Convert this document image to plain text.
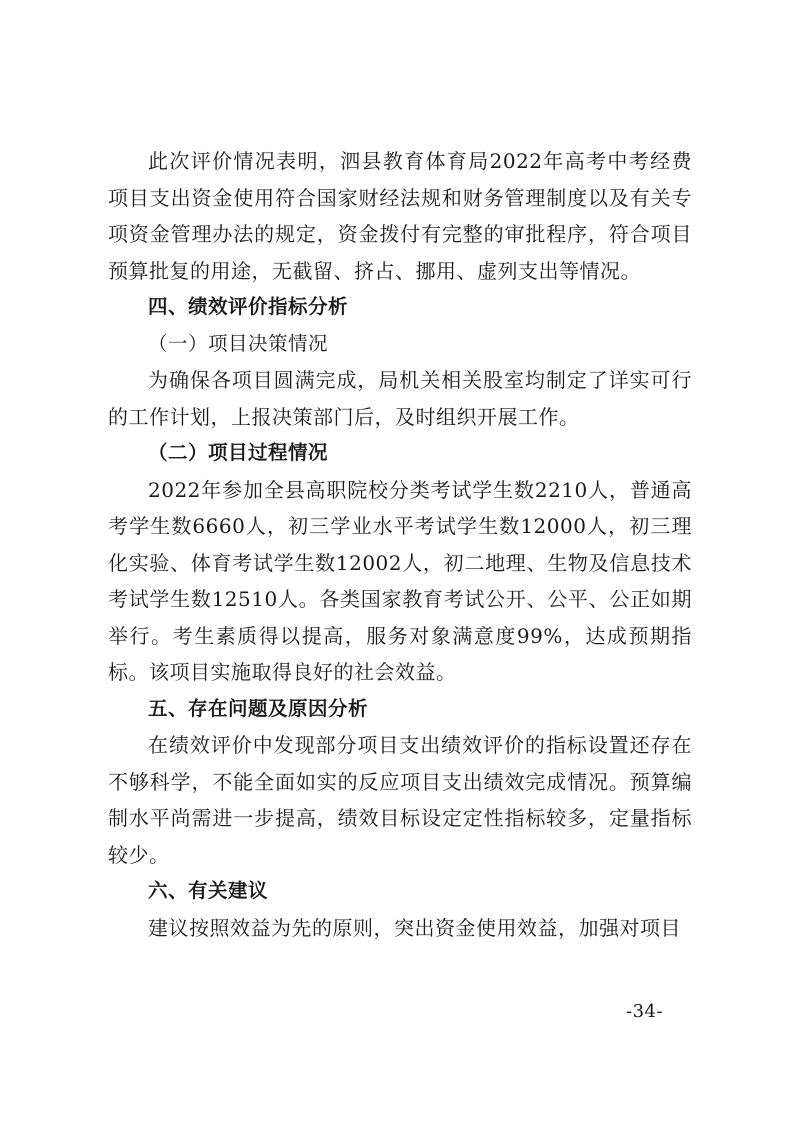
此次评价情况表明，泗县教育体育局2022年高考中考经费项目支出资金使用符合国家财经法规和财务管理制度以及有关专项资金管理办法的规定，资金拨付有完整的审批程序，符合项目预算批复的用途，无截留、挤占、挪用、虚列支出等情况。

四、绩效评价指标分析

（一）项目决策情况

为确保各项目圆满完成，局机关相关股室均制定了详实可行的工作计划，上报决策部门后，及时组织开展工作。

（二）项目过程情况

2022年参加全县高职院校分类考试学生数2210人，普通高考学生数6660人，初三学业水平考试学生数12000人，初三理化实验、体育考试学生数12002人，初二地理、生物及信息技术考试学生数12510人。各类国家教育考试公开、公平、公正如期举行。考生素质得以提高，服务对象满意度99%，达成预期指标。该项目实施取得良好的社会效益。

五、存在问题及原因分析

在绩效评价中发现部分项目支出绩效评价的指标设置还存在不够科学，不能全面如实的反应项目支出绩效完成情况。预算编制水平尚需进一步提高，绩效目标设定定性指标较多，定量指标较少。

六、有关建议

建议按照效益为先的原则，突出资金使用效益，加强对项目

-34-
